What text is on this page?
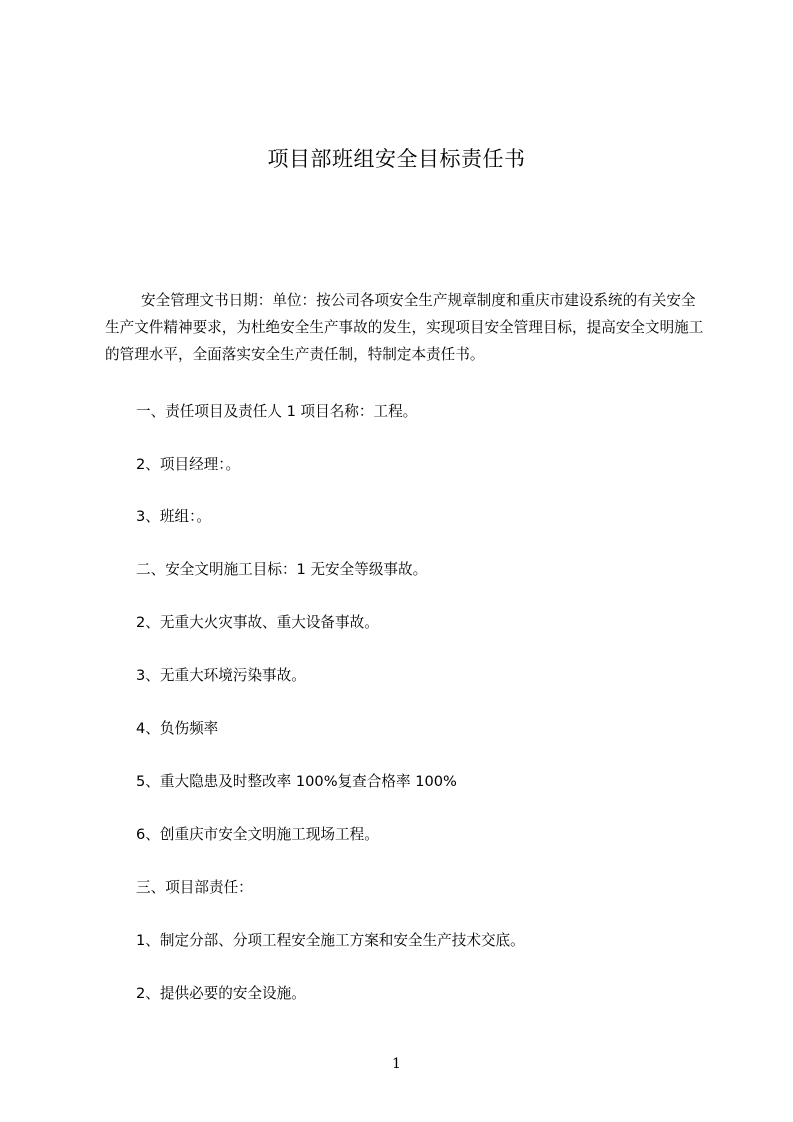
项目部班组安全目标责任书

安全管理文书日期：单位：按公司各项安全生产规章制度和重庆市建设系统的有关安全生产文件精神要求，为杜绝安全生产事故的发生，实现项目安全管理目标，提高安全文明施工的管理水平，全面落实安全生产责任制，特制定本责任书。

一、责任项目及责任人 1 项目名称：工程。

2、项目经理：。

3、班组：。

二、安全文明施工目标：1 无安全等级事故。

2、无重大火灾事故、重大设备事故。

3、无重大环境污染事故。

4、负伤频率

5、重大隐患及时整改率 100%复查合格率 100%

6、创重庆市安全文明施工现场工程。

三、项目部责任：

1、制定分部、分项工程安全施工方案和安全生产技术交底。

2、提供必要的安全设施。

1
